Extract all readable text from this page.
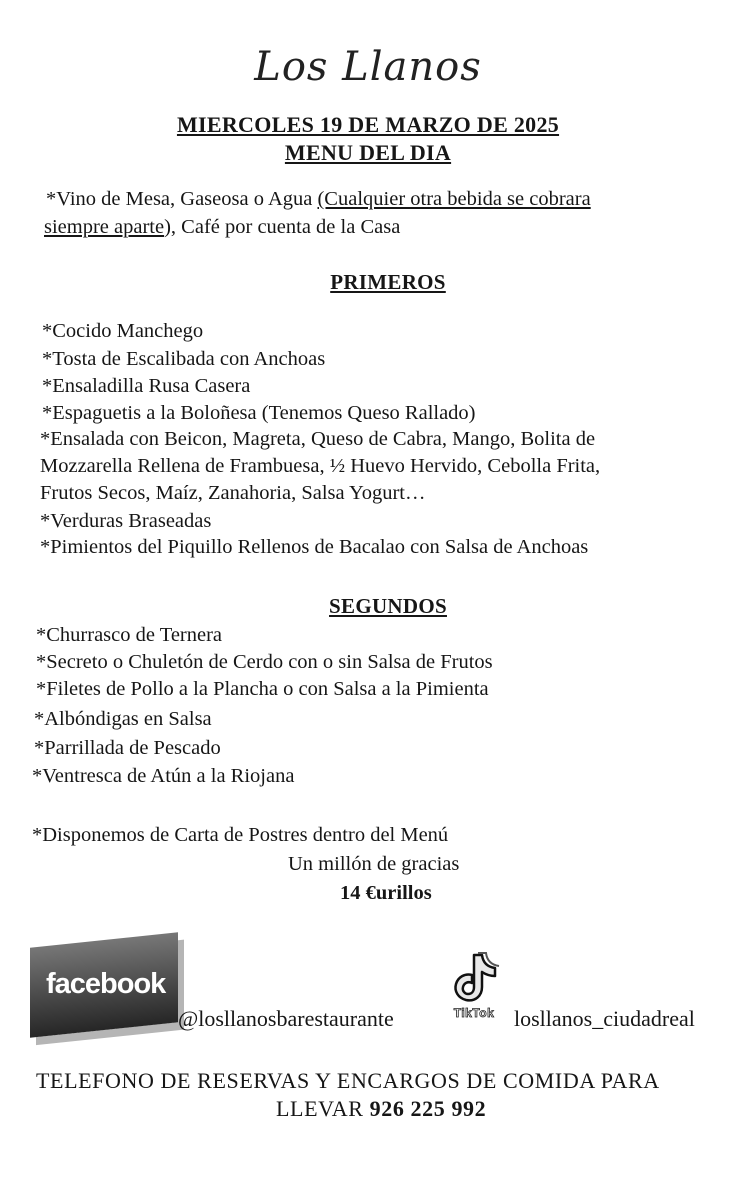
Los Llanos
MIERCOLES 19 DE MARZO DE 2025
MENU DEL DIA
*Vino de Mesa, Gaseosa o Agua (Cualquier otra bebida se cobrara
siempre aparte), Café por cuenta de la Casa
PRIMEROS
*Cocido Manchego
*Tosta de Escalibada con Anchoas
*Ensaladilla Rusa Casera
*Espaguetis a la Boloñesa (Tenemos Queso Rallado)
*Ensalada con Beicon, Magreta, Queso de Cabra, Mango, Bolita de
Mozzarella Rellena de Frambuesa, ½ Huevo Hervido, Cebolla Frita,
Frutos Secos, Maíz, Zanahoria, Salsa Yogurt…
*Verduras Braseadas
*Pimientos del Piquillo Rellenos de Bacalao con Salsa de Anchoas
SEGUNDOS
*Churrasco de Ternera
*Secreto o Chuletón de Cerdo con o sin Salsa de Frutos
*Filetes de Pollo a la Plancha o con Salsa a la Pimienta
*Albóndigas en Salsa
*Parrillada de Pescado
*Ventresca de Atún a la Riojana
*Disponemos de Carta de Postres dentro del Menú
Un millón de gracias
14 €urillos
facebook
@losllanosbarestaurante	TikTok losllanos_ciudadreal
TELEFONO DE RESERVAS Y ENCARGOS DE COMIDA PARA
LLEVAR 926 225 992
